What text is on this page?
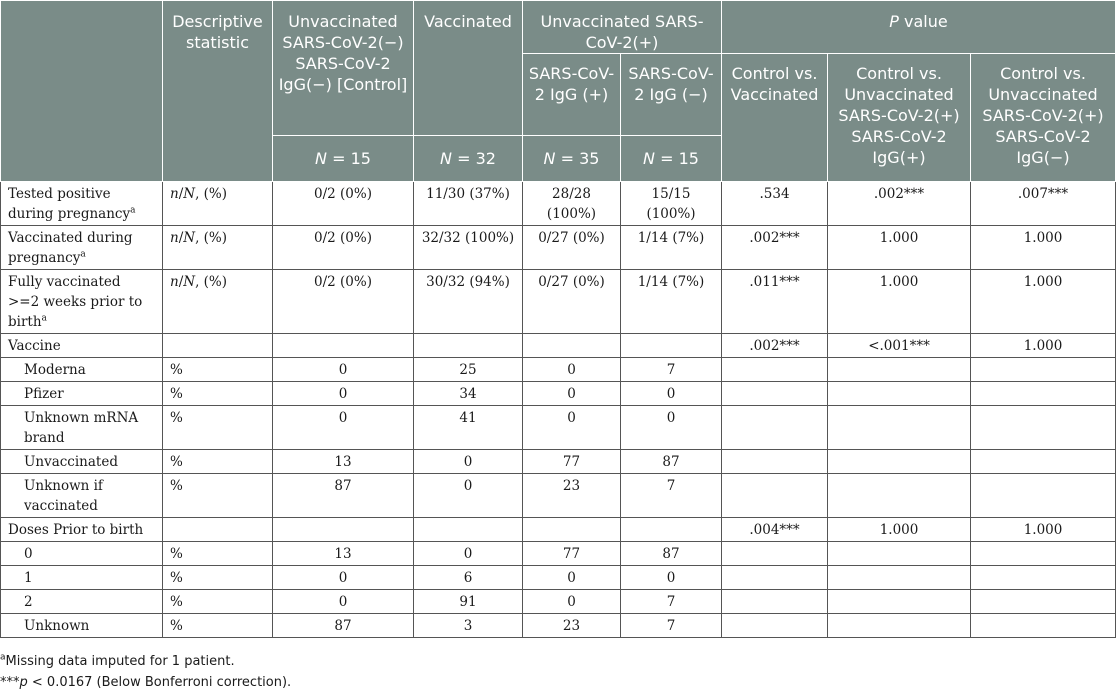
	Descriptive statistic	Unvaccinated SARS-CoV-2(−) SARS-CoV-2 IgG(−) [Control]	Vaccinated	Unvaccinated SARS-CoV-2(+)		P value		
				SARS-CoV-2 IgG (+)	SARS-CoV-2 IgG (−)	Control vs. Vaccinated	Control vs. Unvaccinated SARS-CoV-2(+) SARS-CoV-2 IgG(+)	Control vs. Unvaccinated SARS-CoV-2(+) SARS-CoV-2 IgG(−)
		N = 15	N = 32	N = 35	N = 15			
Tested positive during pregnancy$^a$	n/N, (%)	0/2 (0%)	11/30 (37%)	28/28 (100%)	15/15 (100%)	.534	.002***	.007***
Vaccinated during pregnancy$^a$	n/N, (%)	0/2 (0%)	32/32 (100%)	0/27 (0%)	1/14 (7%)	.002***	1.000	1.000
Fully vaccinated >=2 weeks prior to birth$^a$	n/N, (%)	0/2 (0%)	30/32 (94%)	0/27 (0%)	1/14 (7%)	.011***	1.000	1.000
Vaccine						.002***	<.001***	1.000
Moderna	%	0	25	0	7			
Pfizer	%	0	34	0	0			
Unknown mRNA brand	%	0	41	0	0			
Unvaccinated	%	13	0	77	87			
Unknown if vaccinated	%	87	0	23	7			
Doses Prior to birth						.004***	1.000	1.000
0	%	13	0	77	87			
1	%	0	6	0	0			
2	%	0	91	0	7			
Unknown	%	87	3	23	7			
$^a$Missing data imputed for 1 patient.
***p < 0.0167 (Below Bonferroni correction).
